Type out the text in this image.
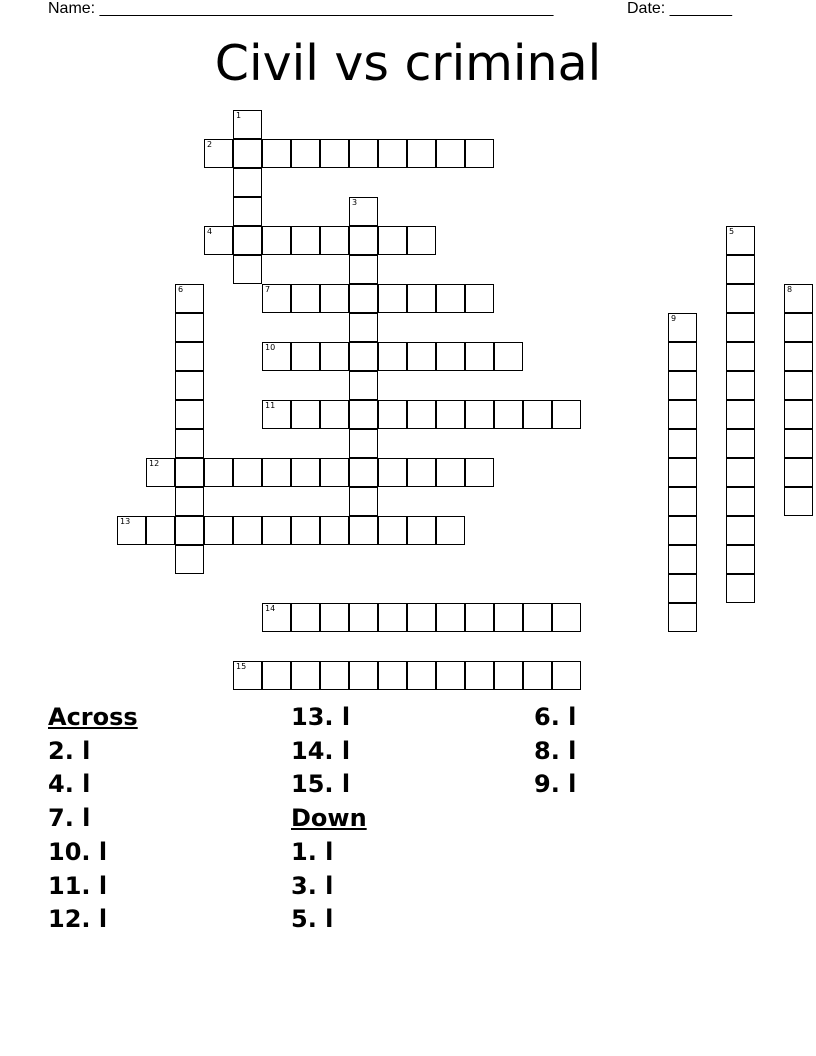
Name: ___________________________________________________	Date: _______
Civil vs criminal
1
2
3
4	5
6	7	8
9
10
11
12
13
14
15
Across
2. l
4. l
7. l
10. l
11. l
12. l
13. l
14. l
15. l
Down
1. l
3. l
5. l
6. l
8. l
9. l
